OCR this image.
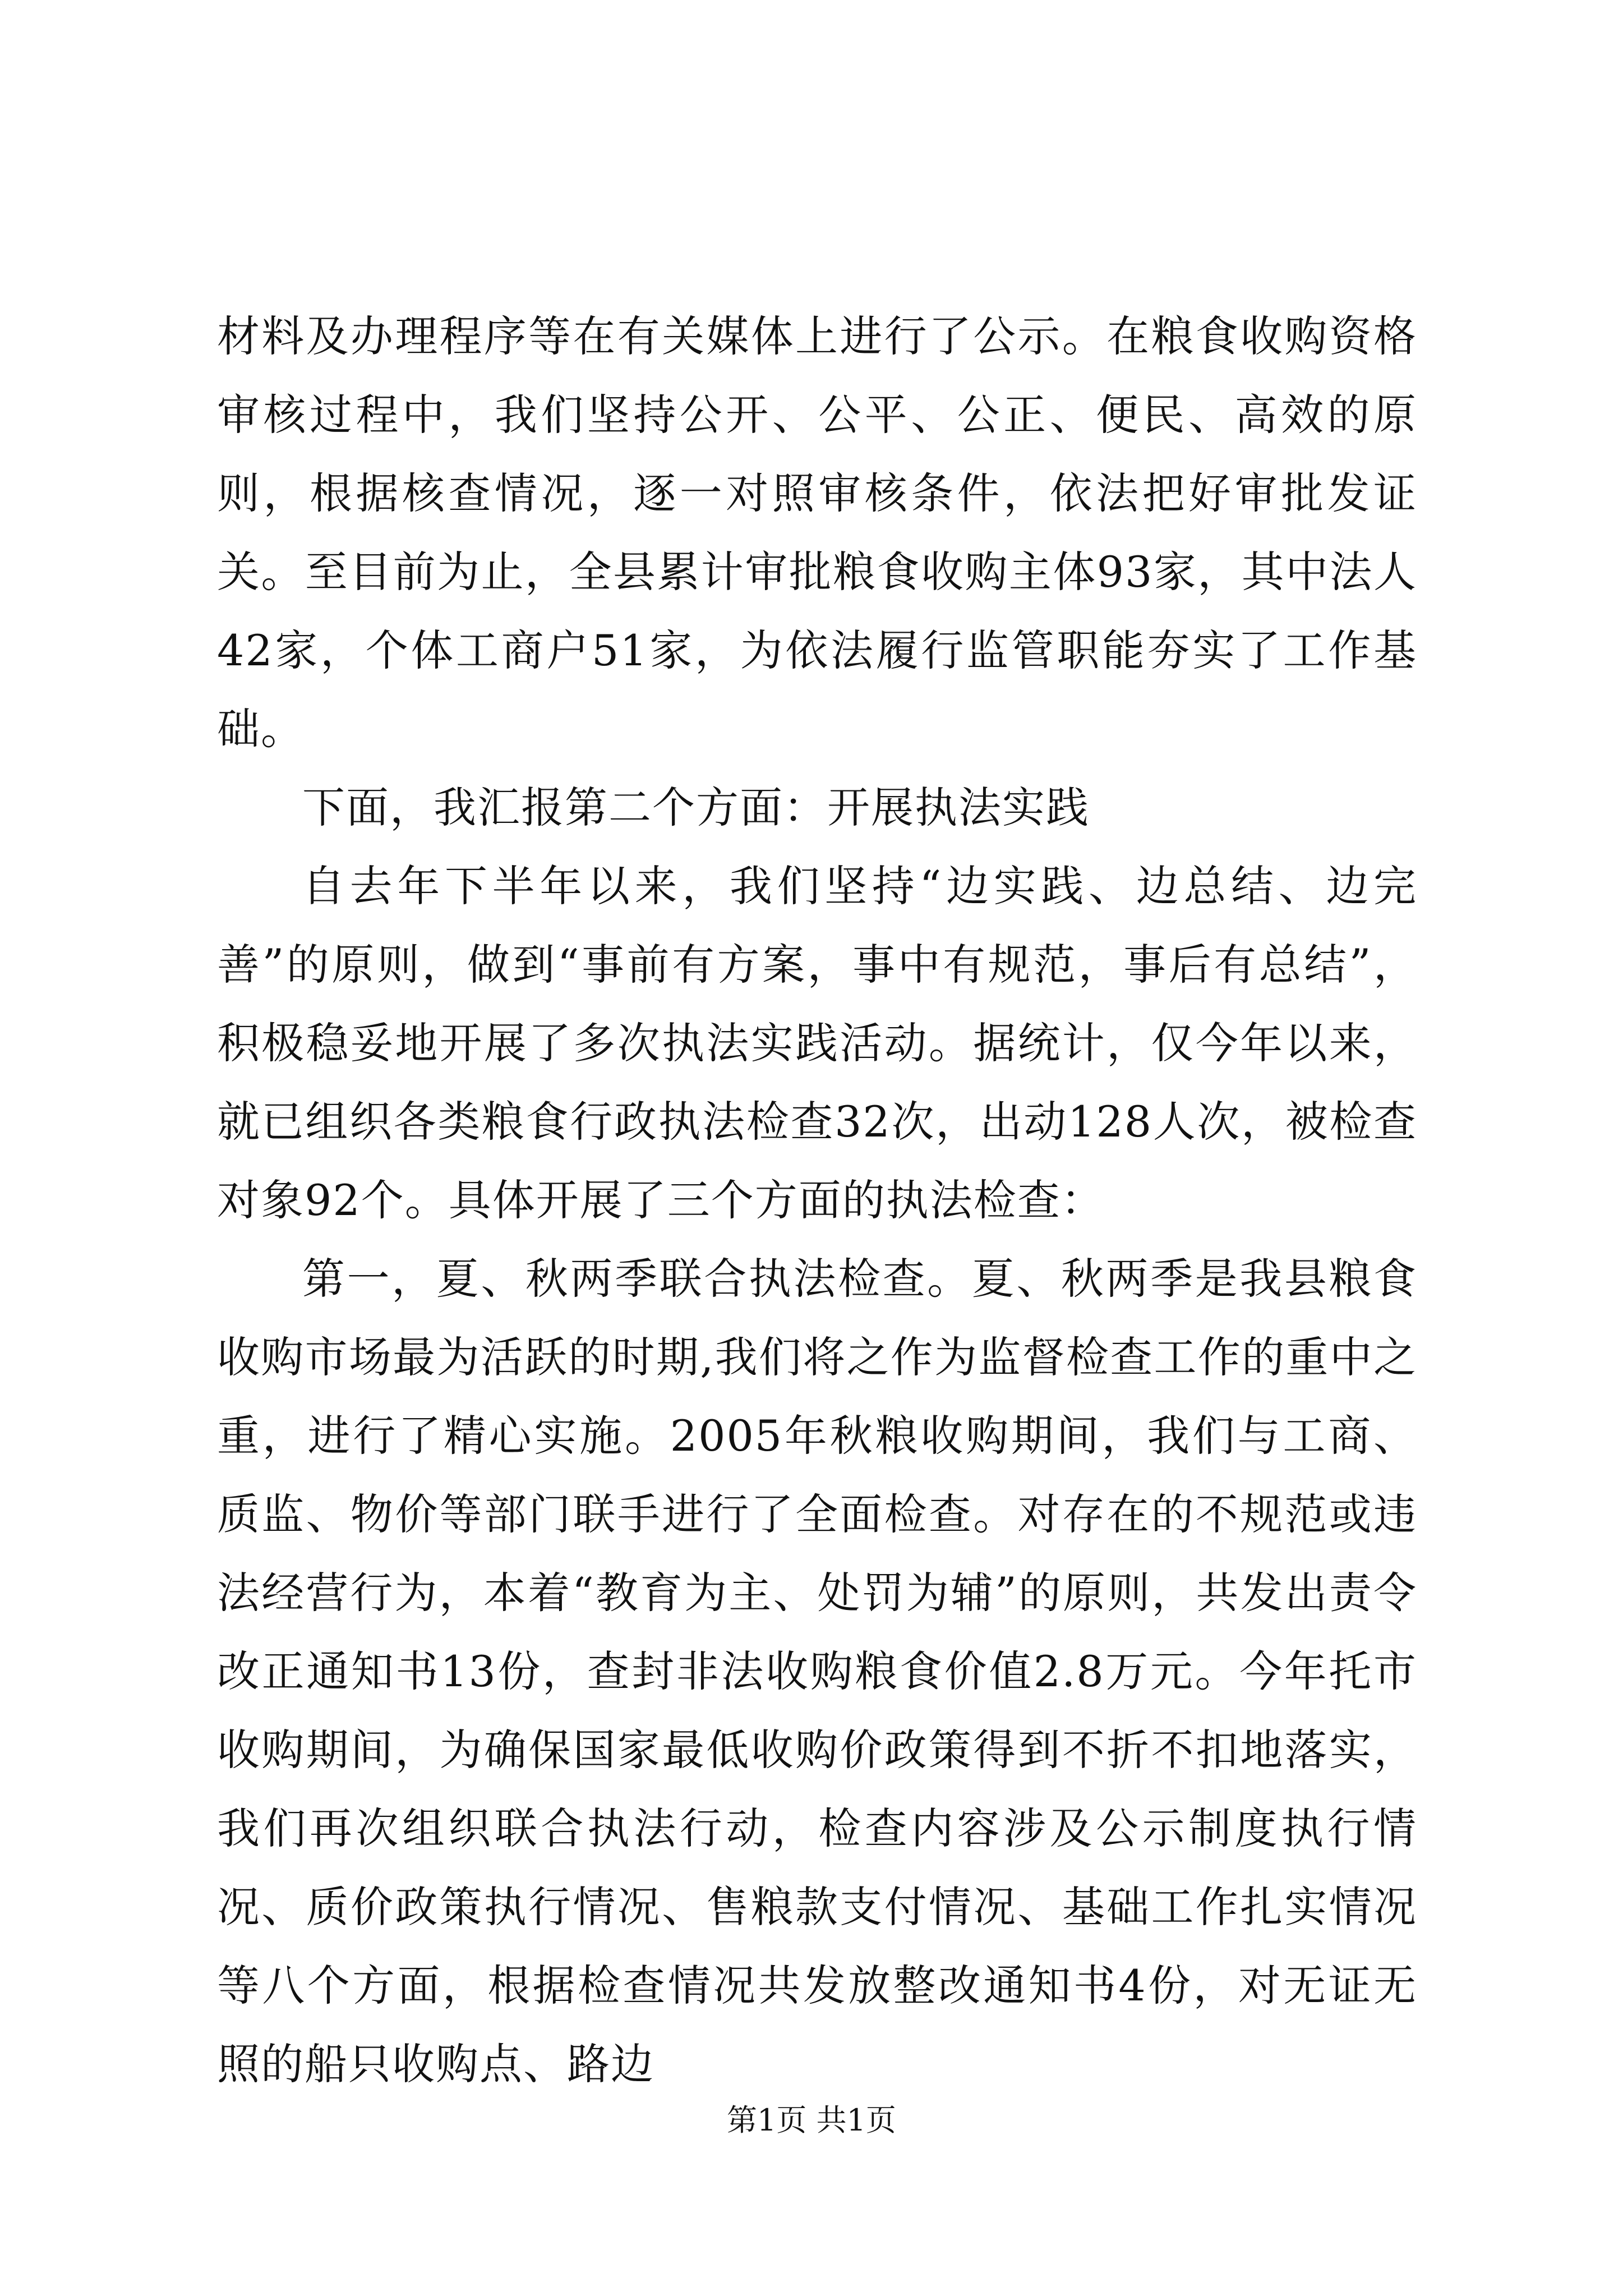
材料及办理程序等在有关媒体上进行了公示。在粮食收购资格审核过程中，我们坚持公开、公平、公正、便民、高效的原则，根据核查情况，逐一对照审核条件，依法把好审批发证关。至目前为止，全县累计审批粮食收购主体93家，其中法人42家，个体工商户51家，为依法履行监管职能夯实了工作基础。

下面，我汇报第二个方面：开展执法实践

自去年下半年以来，我们坚持“边实践、边总结、边完善”的原则，做到“事前有方案，事中有规范，事后有总结”，积极稳妥地开展了多次执法实践活动。据统计，仅今年以来，就已组织各类粮食行政执法检查32次，出动128人次，被检查对象92个。具体开展了三个方面的执法检查：

第一，夏、秋两季联合执法检查。夏、秋两季是我县粮食收购市场最为活跃的时期,我们将之作为监督检查工作的重中之重，进行了精心实施。2005年秋粮收购期间，我们与工商、质监、物价等部门联手进行了全面检查。对存在的不规范或违法经营行为，本着“教育为主、处罚为辅”的原则，共发出责令改正通知书13份，查封非法收购粮食价值2.8万元。今年托市收购期间，为确保国家最低收购价政策得到不折不扣地落实，我们再次组织联合执法行动，检查内容涉及公示制度执行情况、质价政策执行情况、售粮款支付情况、基础工作扎实情况等八个方面，根据检查情况共发放整改通知书4份，对无证无照的船只收购点、路边

第1页 共1页
